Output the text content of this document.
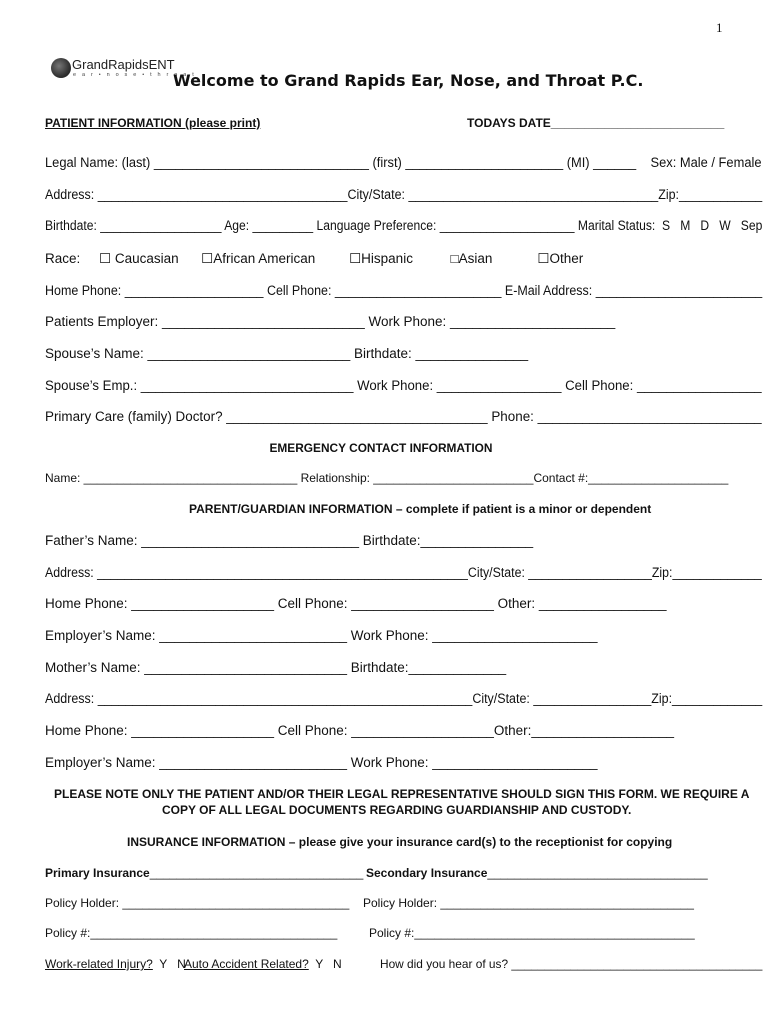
1
GrandRapidsENT
e a r • n o s e • t h r o a t
Welcome to Grand Rapids Ear, Nose, and Throat P.C.
PATIENT INFORMATION (please print)	TODAYS DATE__________________________
Legal Name: (last) ______________________________ (first) ______________________ (MI) ______    Sex: Male / Female
Address: ____________________________________City/State: ____________________________________Zip:____________
Birthdate: __________________ Age: _________ Language Preference: ____________________ Marital Status:  S   M   D   W   Sep
Race:     ☐ Caucasian      ☐African American         ☐Hispanic          □Asian            ☐Other
Home Phone: ____________________ Cell Phone: ________________________ E-Mail Address: ________________________
Patients Employer: ___________________________ Work Phone: ______________________
Spouse’s Name: ___________________________ Birthdate: _______________
Spouse’s Emp.: _____________________________ Work Phone: _________________ Cell Phone: _________________
Primary Care (family) Doctor? ___________________________________ Phone: ______________________________
EMERGENCY CONTACT INFORMATION
Name: ________________________________ Relationship: ________________________Contact #:_____________________
PARENT/GUARDIAN INFORMATION – complete if patient is a minor or dependent
Father’s Name: _____________________________ Birthdate:_______________
Address: ______________________________________________________City/State: __________________Zip:_____________
Home Phone: ___________________ Cell Phone: ___________________ Other: _________________
Employer’s Name: _________________________ Work Phone: ______________________
Mother’s Name: ___________________________ Birthdate:_____________
Address: ______________________________________________________City/State: _________________Zip:_____________
Home Phone: ___________________ Cell Phone: ___________________Other:___________________
Employer’s Name: _________________________ Work Phone: ______________________
PLEASE NOTE ONLY THE PATIENT AND/OR THEIR LEGAL REPRESENTATIVE SHOULD SIGN THIS FORM. WE REQUIRE A
COPY OF ALL LEGAL DOCUMENTS REGARDING GUARDIANSHIP AND CUSTODY.
INSURANCE INFORMATION – please give your insurance card(s) to the receptionist for copying
Primary Insurance________________________________ Secondary Insurance_________________________________
Policy Holder: __________________________________ Policy Holder: ______________________________________
Policy #:_____________________________________	Policy #:__________________________________________
Work-related Injury?  Y   N
Auto Accident Related?  Y   N	How did you hear of us? ______________________________________
